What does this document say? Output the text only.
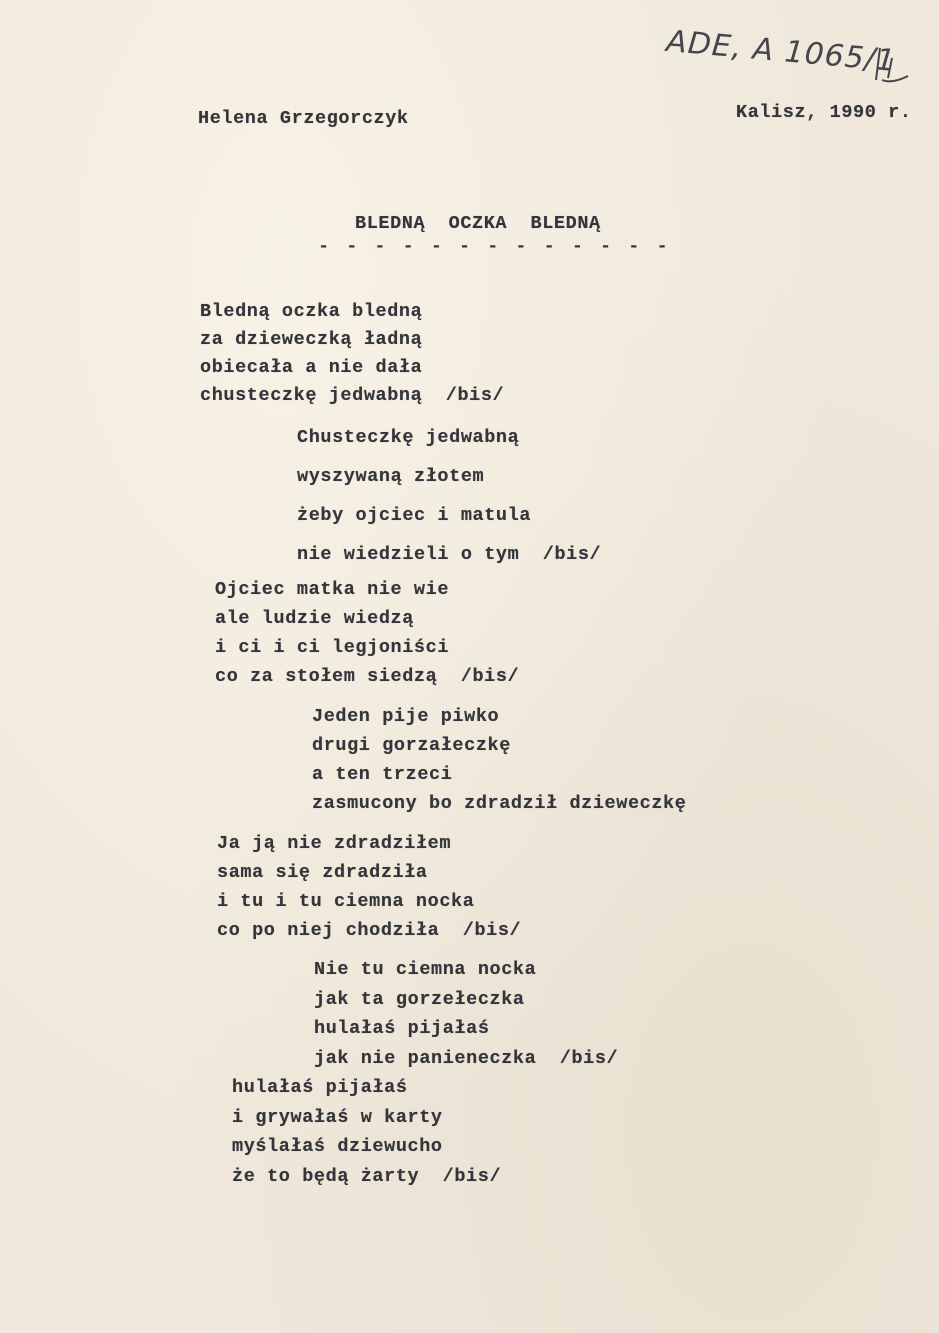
ADE, A 1065/1
Helena Grzegorczyk	Kalisz, 1990 r.
BLEDNĄ  OCZKA  BLEDNĄ
- - - - - - - - - - - - -
Bledną oczka bledną
za dzieweczką ładną
obiecała a nie dała
chusteczkę jedwabną  /bis/
Chusteczkę jedwabną
wyszywaną złotem
żeby ojciec i matula
nie wiedzieli o tym  /bis/
Ojciec matka nie wie
ale ludzie wiedzą
i ci i ci legjoniści
co za stołem siedzą  /bis/
Jeden pije piwko
drugi gorzałeczkę
a ten trzeci
zasmucony bo zdradził dzieweczkę
Ja ją nie zdradziłem
sama się zdradziła
i tu i tu ciemna nocka
co po niej chodziła  /bis/
Nie tu ciemna nocka
jak ta gorzełeczka
hulałaś pijałaś
jak nie panieneczka  /bis/
hulałaś pijałaś
i grywałaś w karty
myślałaś dziewucho
że to będą żarty  /bis/
